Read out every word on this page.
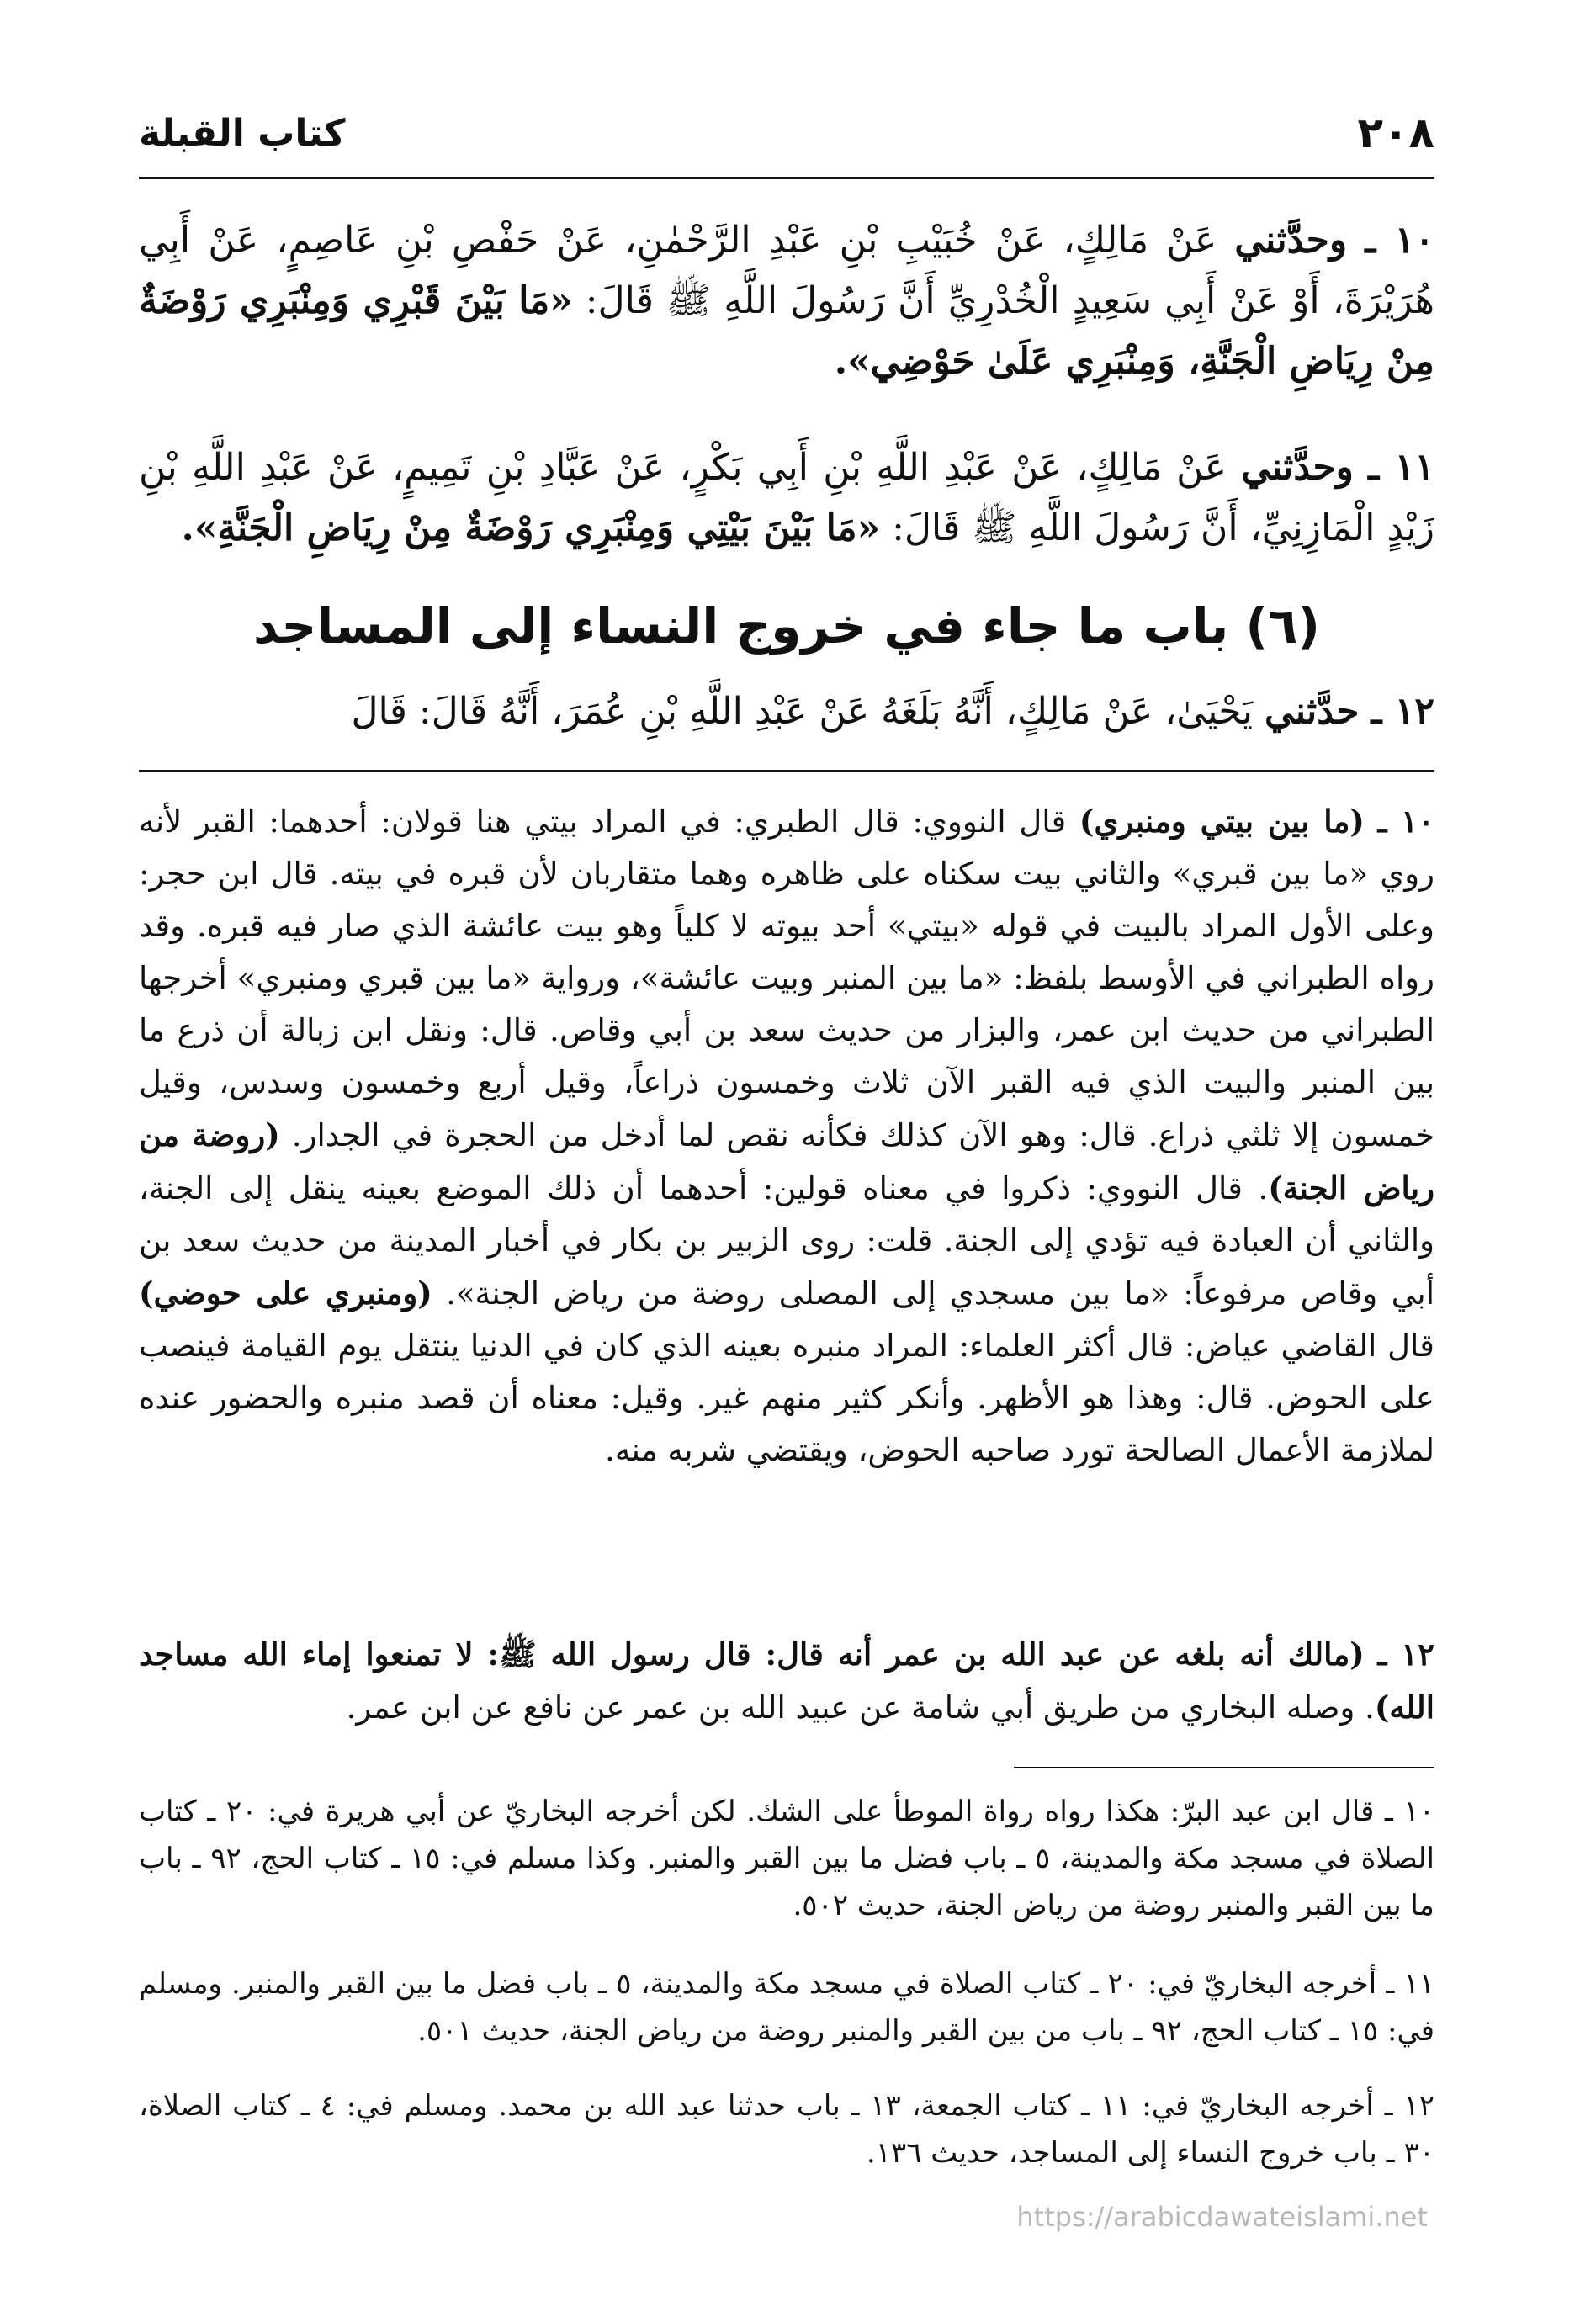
كتاب القبلة	٢٠٨
١٠ ـ وحدَّثني عَنْ مَالِكٍ، عَنْ خُبَيْبِ بْنِ عَبْدِ الرَّحْمٰنِ، عَنْ حَفْصِ بْنِ عَاصِمٍ، عَنْ أَبِي هُرَيْرَةَ، أَوْ عَنْ أَبِي سَعِيدٍ الْخُدْرِيِّ أَنَّ رَسُولَ اللَّهِ ﷺ قَالَ: «مَا بَيْنَ قَبْرِي وَمِنْبَرِي رَوْضَةٌ مِنْ رِيَاضِ الْجَنَّةِ، وَمِنْبَرِي عَلَىٰ حَوْضِي».
١١ ـ وحدَّثني عَنْ مَالِكٍ، عَنْ عَبْدِ اللَّهِ بْنِ أَبِي بَكْرٍ، عَنْ عَبَّادِ بْنِ تَمِيمٍ، عَنْ عَبْدِ اللَّهِ بْنِ زَيْدٍ الْمَازِنِيِّ، أَنَّ رَسُولَ اللَّهِ ﷺ قَالَ: «مَا بَيْنَ بَيْتِي وَمِنْبَرِي رَوْضَةٌ مِنْ رِيَاضِ الْجَنَّةِ».
(٦) باب ما جاء في خروج النساء إلى المساجد
١٢ ـ حدَّثني يَحْيَىٰ، عَنْ مَالِكٍ، أَنَّهُ بَلَغَهُ عَنْ عَبْدِ اللَّهِ بْنِ عُمَرَ، أَنَّهُ قَالَ: قَالَ
١٠ ـ (ما بين بيتي ومنبري) قال النووي: قال الطبري: في المراد بيتي هنا قولان: أحدهما: القبر لأنه روي «ما بين قبري» والثاني بيت سكناه على ظاهره وهما متقاربان لأن قبره في بيته. قال ابن حجر: وعلى الأول المراد بالبيت في قوله «بيتي» أحد بيوته لا كلياً وهو بيت عائشة الذي صار فيه قبره. وقد رواه الطبراني في الأوسط بلفظ: «ما بين المنبر وبيت عائشة»، ورواية «ما بين قبري ومنبري» أخرجها الطبراني من حديث ابن عمر، والبزار من حديث سعد بن أبي وقاص. قال: ونقل ابن زبالة أن ذرع ما بين المنبر والبيت الذي فيه القبر الآن ثلاث وخمسون ذراعاً، وقيل أربع وخمسون وسدس، وقيل خمسون إلا ثلثي ذراع. قال: وهو الآن كذلك فكأنه نقص لما أدخل من الحجرة في الجدار. (روضة من رياض الجنة). قال النووي: ذكروا في معناه قولين: أحدهما أن ذلك الموضع بعينه ينقل إلى الجنة، والثاني أن العبادة فيه تؤدي إلى الجنة. قلت: روى الزبير بن بكار في أخبار المدينة من حديث سعد بن أبي وقاص مرفوعاً: «ما بين مسجدي إلى المصلى روضة من رياض الجنة». (ومنبري على حوضي) قال القاضي عياض: قال أكثر العلماء: المراد منبره بعينه الذي كان في الدنيا ينتقل يوم القيامة فينصب على الحوض. قال: وهذا هو الأظهر. وأنكر كثير منهم غير. وقيل: معناه أن قصد منبره والحضور عنده لملازمة الأعمال الصالحة تورد صاحبه الحوض، ويقتضي شربه منه.
١٢ ـ (مالك أنه بلغه عن عبد الله بن عمر أنه قال: قال رسول الله ﷺ: لا تمنعوا إماء الله مساجد الله). وصله البخاري من طريق أبي شامة عن عبيد الله بن عمر عن نافع عن ابن عمر.
١٠ ـ قال ابن عبد البرّ: هكذا رواه رواة الموطأ على الشك. لكن أخرجه البخاريّ عن أبي هريرة في: ٢٠ ـ كتاب الصلاة في مسجد مكة والمدينة، ٥ ـ باب فضل ما بين القبر والمنبر. وكذا مسلم في: ١٥ ـ كتاب الحج، ٩٢ ـ باب ما بين القبر والمنبر روضة من رياض الجنة، حديث ٥٠٢.
١١ ـ أخرجه البخاريّ في: ٢٠ ـ كتاب الصلاة في مسجد مكة والمدينة، ٥ ـ باب فضل ما بين القبر والمنبر. ومسلم في: ١٥ ـ كتاب الحج، ٩٢ ـ باب من بين القبر والمنبر روضة من رياض الجنة، حديث ٥٠١.
١٢ ـ أخرجه البخاريّ في: ١١ ـ كتاب الجمعة، ١٣ ـ باب حدثنا عبد الله بن محمد. ومسلم في: ٤ ـ كتاب الصلاة، ٣٠ ـ باب خروج النساء إلى المساجد، حديث ١٣٦.
https://arabicdawateislami.net
